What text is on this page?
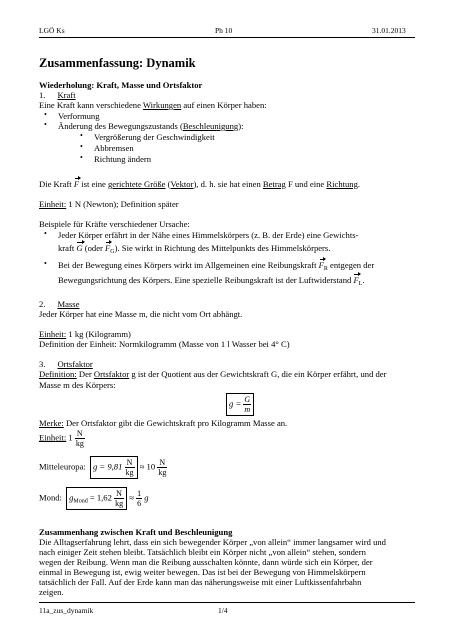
LGÖ Ks	Ph 10	31.01.2013
Zusammenfassung: Dynamik
Wiederholung: Kraft, Masse und Ortsfaktor
1. Kraft
Eine Kraft kann verschiedene Wirkungen auf einen Körper haben:
• Verformung
• Änderung des Bewegungszustands (Beschleunigung):
• Vergrößerung der Geschwindigkeit
• Abbremsen
• Richtung ändern
Die Kraft F ist eine gerichtete Größe (Vektor), d. h. sie hat einen Betrag F und eine Richtung.
Einheit: 1 N (Newton); Definition später
Beispiele für Kräfte verschiedener Ursache:
• Jeder Körper erfährt in der Nähe eines Himmelskörpers (z. B. der Erde) eine Gewichts-
kraft G (oder $F_G$). Sie wirkt in Richtung des Mittelpunkts des Himmelskörpers.
• Bei der Bewegung eines Körpers wirkt im Allgemeinen eine Reibungskraft $F_R$ entgegen der
Bewegungsrichtung des Körpers. Eine spezielle Reibungskraft ist der Luftwiderstand $F_L$.
2. Masse
Jeder Körper hat eine Masse m, die nicht vom Ort abhängt.
Einheit: 1 kg (Kilogramm)
Definition der Einheit: Normkilogramm (Masse von 1 l Wasser bei 4° C)
3. Ortsfaktor
Definition: Der Ortsfaktor g ist der Quotient aus der Gewichtskraft G, die ein Körper erfährt, und der
Masse m des Körpers:
$g = \frac{G}{m}$
Merke: Der Ortsfaktor gibt die Gewichtskraft pro Kilogramm Masse an.
Einheit: $1 \frac{N}{kg}$
Mitteleuropa: $g = 9,81 \frac{N}{kg} \approx 10 \frac{N}{kg}$
Mond: $g_{Mond} = 1,62 \frac{N}{kg} \approx \frac{1}{6}$ g
Zusammenhang zwischen Kraft und Beschleunigung
Die Alltagserfahrung lehrt, dass ein sich bewegender Körper „von allein“ immer langsamer wird und
nach einiger Zeit stehen bleibt. Tatsächlich bleibt ein Körper nicht „von allein“ stehen, sondern
wegen der Reibung. Wenn man die Reibung ausschalten könnte, dann würde sich ein Körper, der
einmal in Bewegung ist, ewig weiter bewegen. Das ist bei der Bewegung von Himmelskörpern
tatsächlich der Fall. Auf der Erde kann man das näherungsweise mit einer Luftkissenfahrbahn
zeigen.
11a_zus_dynamik	1/4
